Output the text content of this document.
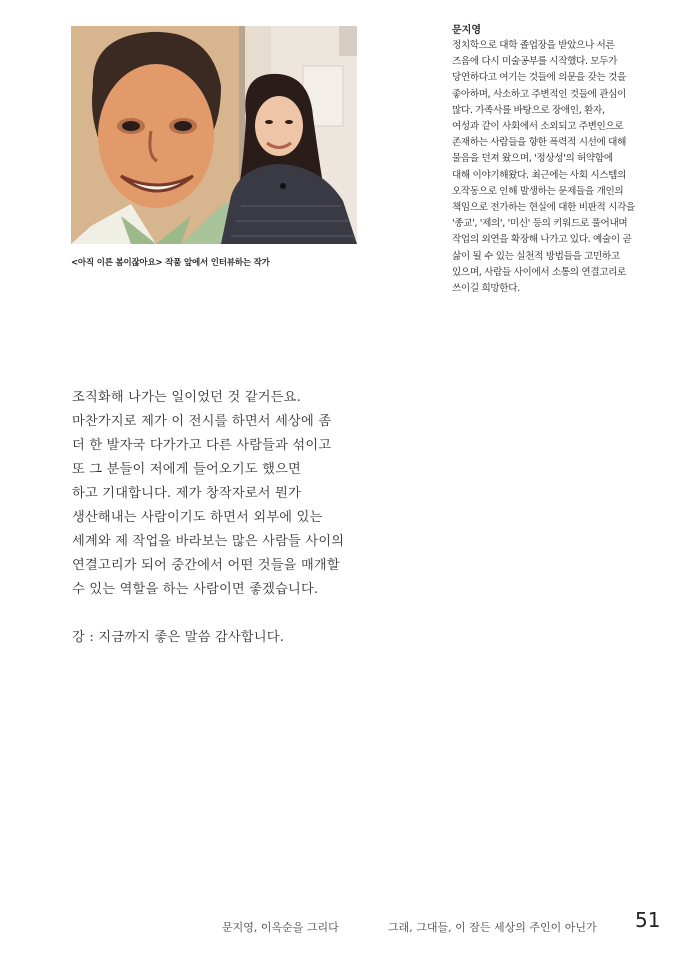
<아직 이른 봄이잖아요> 작품 앞에서 인터뷰하는 작가
문지영
정치학으로 대학 졸업장을 받았으나 서른
즈음에 다시 미술공부를 시작했다. 모두가
당연하다고 여기는 것들에 의문을 갖는 것을
좋아하며, 사소하고 주변적인 것들에 관심이
많다. 가족사를 바탕으로 장애인, 환자,
여성과 같이 사회에서 소외되고 주변인으로
존재하는 사람들을 향한 폭력적 시선에 대해
물음을 던져 왔으며, '정상성'의 허약함에
대해 이야기해왔다. 최근에는 사회 시스템의
오작동으로 인해 발생하는 문제들을 개인의
책임으로 전가하는 현실에 대한 비판적 시각을
'종교', '제의', '미신' 등의 키워드로 풀어내며
작업의 외연을 확장해 나가고 있다. 예술이 곧
삶이 될 수 있는 실천적 방법들을 고민하고
있으며, 사람들 사이에서 소통의 연결고리로
쓰이길 희망한다.
조직화해 나가는 일이었던 것 같거든요.
마찬가지로 제가 이 전시를 하면서 세상에 좀
더 한 발자국 다가가고 다른 사람들과 섞이고
또 그 분들이 저에게 들어오기도 했으면
하고 기대합니다. 제가 창작자로서 뭔가
생산해내는 사람이기도 하면서 외부에 있는
세계와 제 작업을 바라보는 많은 사람들 사이의
연결고리가 되어 중간에서 어떤 것들을 매개할
수 있는 역할을 하는 사람이면 좋겠습니다.
강 : 지금까지 좋은 말씀 감사합니다.
문지영, 이옥순을 그리다	그래, 그대들, 이 잠든 세상의 주인이 아닌가 51
